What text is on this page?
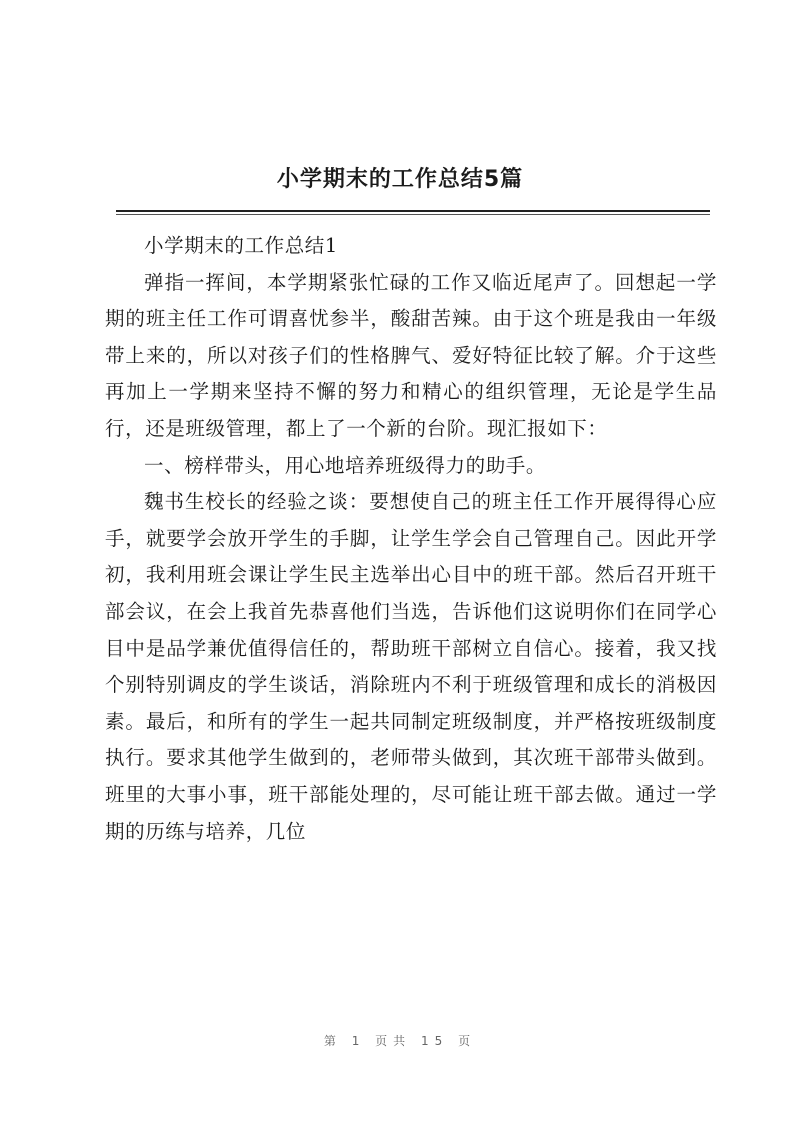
小学期末的工作总结5篇

小学期末的工作总结1

弹指一挥间，本学期紧张忙碌的工作又临近尾声了。回想起一学期的班主任工作可谓喜忧参半，酸甜苦辣。由于这个班是我由一年级带上来的，所以对孩子们的性格脾气、爱好特征比较了解。介于这些再加上一学期来坚持不懈的努力和精心的组织管理，无论是学生品行，还是班级管理，都上了一个新的台阶。现汇报如下：

一、榜样带头，用心地培养班级得力的助手。

魏书生校长的经验之谈：要想使自己的班主任工作开展得得心应手，就要学会放开学生的手脚，让学生学会自己管理自己。因此开学初，我利用班会课让学生民主选举出心目中的班干部。然后召开班干部会议，在会上我首先恭喜他们当选，告诉他们这说明你们在同学心目中是品学兼优值得信任的，帮助班干部树立自信心。接着，我又找个别特别调皮的学生谈话，消除班内不利于班级管理和成长的消极因素。最后，和所有的学生一起共同制定班级制度，并严格按班级制度执行。要求其他学生做到的，老师带头做到，其次班干部带头做到。班里的大事小事，班干部能处理的，尽可能让班干部去做。通过一学期的历练与培养，几位

第 1 页共 15 页
